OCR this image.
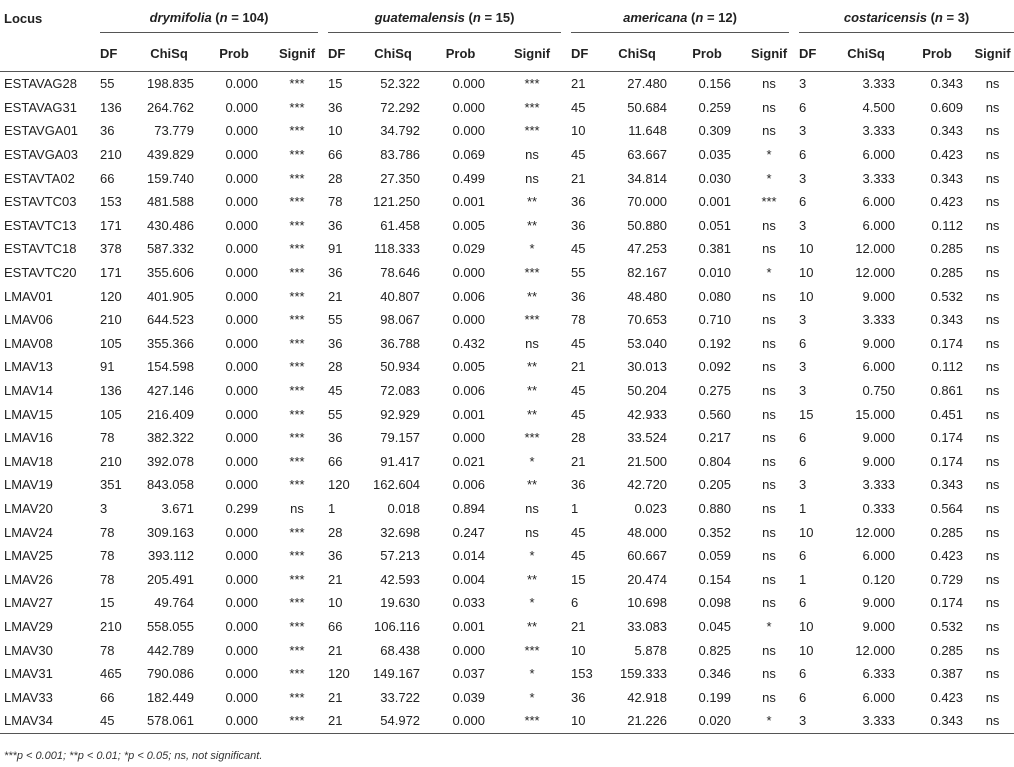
Locus	drymifolia (n = 104)				guatemalensis (n = 15)				americana (n = 12)				costaricensis (n = 3)			

	DF	ChiSq	Prob	Signif	DF	ChiSq	Prob	Signif	DF	ChiSq	Prob	Signif	DF	ChiSq	Prob	Signif
ESTAVAG28	55	198.835	0.000	***	15	52.322	0.000	***	21	27.480	0.156	ns	3	3.333	0.343	ns
ESTAVAG31	136	264.762	0.000	***	36	72.292	0.000	***	45	50.684	0.259	ns	6	4.500	0.609	ns
ESTAVGA01	36	73.779	0.000	***	10	34.792	0.000	***	10	11.648	0.309	ns	3	3.333	0.343	ns
ESTAVGA03	210	439.829	0.000	***	66	83.786	0.069	ns	45	63.667	0.035	*	6	6.000	0.423	ns
ESTAVTA02	66	159.740	0.000	***	28	27.350	0.499	ns	21	34.814	0.030	*	3	3.333	0.343	ns
ESTAVTC03	153	481.588	0.000	***	78	121.250	0.001	**	36	70.000	0.001	***	6	6.000	0.423	ns
ESTAVTC13	171	430.486	0.000	***	36	61.458	0.005	**	36	50.880	0.051	ns	3	6.000	0.112	ns
ESTAVTC18	378	587.332	0.000	***	91	118.333	0.029	*	45	47.253	0.381	ns	10	12.000	0.285	ns
ESTAVTC20	171	355.606	0.000	***	36	78.646	0.000	***	55	82.167	0.010	*	10	12.000	0.285	ns
LMAV01	120	401.905	0.000	***	21	40.807	0.006	**	36	48.480	0.080	ns	10	9.000	0.532	ns
LMAV06	210	644.523	0.000	***	55	98.067	0.000	***	78	70.653	0.710	ns	3	3.333	0.343	ns
LMAV08	105	355.366	0.000	***	36	36.788	0.432	ns	45	53.040	0.192	ns	6	9.000	0.174	ns
LMAV13	91	154.598	0.000	***	28	50.934	0.005	**	21	30.013	0.092	ns	3	6.000	0.112	ns
LMAV14	136	427.146	0.000	***	45	72.083	0.006	**	45	50.204	0.275	ns	3	0.750	0.861	ns
LMAV15	105	216.409	0.000	***	55	92.929	0.001	**	45	42.933	0.560	ns	15	15.000	0.451	ns
LMAV16	78	382.322	0.000	***	36	79.157	0.000	***	28	33.524	0.217	ns	6	9.000	0.174	ns
LMAV18	210	392.078	0.000	***	66	91.417	0.021	*	21	21.500	0.804	ns	6	9.000	0.174	ns
LMAV19	351	843.058	0.000	***	120	162.604	0.006	**	36	42.720	0.205	ns	3	3.333	0.343	ns
LMAV20	3	3.671	0.299	ns	1	0.018	0.894	ns	1	0.023	0.880	ns	1	0.333	0.564	ns
LMAV24	78	309.163	0.000	***	28	32.698	0.247	ns	45	48.000	0.352	ns	10	12.000	0.285	ns
LMAV25	78	393.112	0.000	***	36	57.213	0.014	*	45	60.667	0.059	ns	6	6.000	0.423	ns
LMAV26	78	205.491	0.000	***	21	42.593	0.004	**	15	20.474	0.154	ns	1	0.120	0.729	ns
LMAV27	15	49.764	0.000	***	10	19.630	0.033	*	6	10.698	0.098	ns	6	9.000	0.174	ns
LMAV29	210	558.055	0.000	***	66	106.116	0.001	**	21	33.083	0.045	*	10	9.000	0.532	ns
LMAV30	78	442.789	0.000	***	21	68.438	0.000	***	10	5.878	0.825	ns	10	12.000	0.285	ns
LMAV31	465	790.086	0.000	***	120	149.167	0.037	*	153	159.333	0.346	ns	6	6.333	0.387	ns
LMAV33	66	182.449	0.000	***	21	33.722	0.039	*	36	42.918	0.199	ns	6	6.000	0.423	ns
LMAV34	45	578.061	0.000	***	21	54.972	0.000	***	10	21.226	0.020	*	3	3.333	0.343	ns
***p < 0.001; **p < 0.01; *p < 0.05; ns, not significant.
